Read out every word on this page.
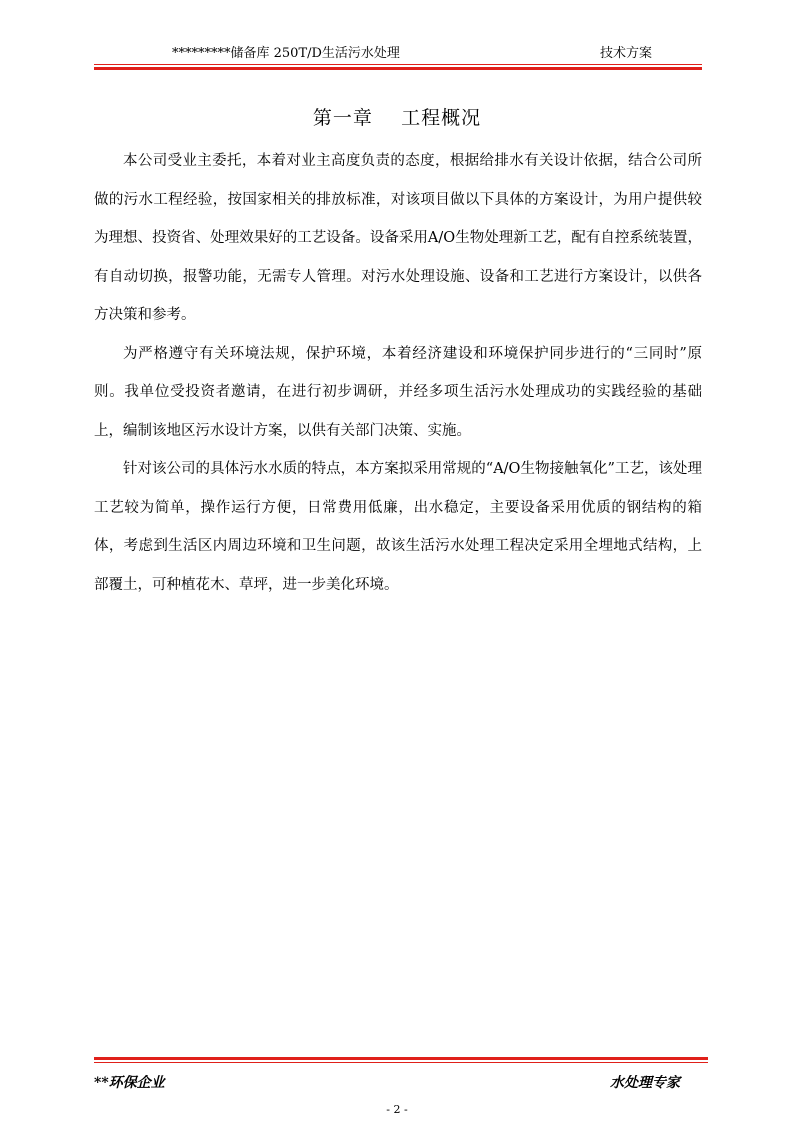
*********储备库 250T/D生活污水处理	技术方案
第一章    工程概况

本公司受业主委托，本着对业主高度负责的态度，根据给排水有关设计依据，结合公司所做的污水工程经验，按国家相关的排放标准，对该项目做以下具体的方案设计，为用户提供较为理想、投资省、处理效果好的工艺设备。设备采用A/O生物处理新工艺，配有自控系统装置，有自动切换，报警功能，无需专人管理。对污水处理设施、设备和工艺进行方案设计，以供各方决策和参考。

为严格遵守有关环境法规，保护环境，本着经济建设和环境保护同步进行的“三同时”原则。我单位受投资者邀请，在进行初步调研，并经多项生活污水处理成功的实践经验的基础上，编制该地区污水设计方案，以供有关部门决策、实施。

针对该公司的具体污水水质的特点，本方案拟采用常规的“A/O生物接触氧化”工艺，该处理工艺较为简单，操作运行方便，日常费用低廉，出水稳定，主要设备采用优质的钢结构的箱体，考虑到生活区内周边环境和卫生问题，故该生活污水处理工程决定采用全埋地式结构，上部覆土，可种植花木、草坪，进一步美化环境。

**环保企业	水处理专家
- 2 -
